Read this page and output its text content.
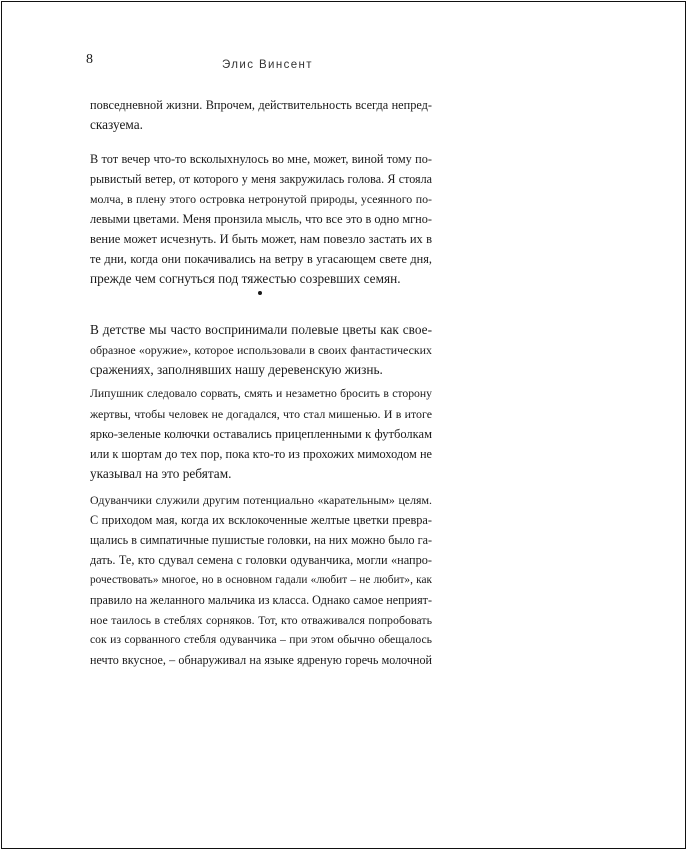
8	Элис Винсент
повседневной жизни. Впрочем, действительность всегда непред-
сказуема.
В тот вечер что-то всколыхнулось во мне, может, виной тому по-
рывистый ветер, от которого у меня закружилась голова. Я стояла
молча, в плену этого островка нетронутой природы, усеянного по-
левыми цветами. Меня пронзила мысль, что все это в одно мгно-
вение может исчезнуть. И быть может, нам повезло застать их в
те дни, когда они покачивались на ветру в угасающем свете дня,
прежде чем согнуться под тяжестью созревших семян.
В детстве мы часто воспринимали полевые цветы как свое-
образное «оружие», которое использовали в своих фантастических
сражениях, заполнявших нашу деревенскую жизнь.
Липушник следовало сорвать, смять и незаметно бросить в сторону
жертвы, чтобы человек не догадался, что стал мишенью. И в итоге
ярко-зеленые колючки оставались прицепленными к футболкам
или к шортам до тех пор, пока кто-то из прохожих мимоходом не
указывал на это ребятам.
Одуванчики служили другим потенциально «карательным» целям.
С приходом мая, когда их всклокоченные желтые цветки превра-
щались в симпатичные пушистые головки, на них можно было га-
дать. Те, кто сдувал семена с головки одуванчика, могли «напро-
рочествовать» многое, но в основном гадали «любит – не любит», как
правило на желанного мальчика из класса. Однако самое неприят-
ное таилось в стеблях сорняков. Тот, кто отваживался попробовать
сок из сорванного стебля одуванчика – при этом обычно обещалось
нечто вкусное, – обнаруживал на языке ядреную горечь молочной
